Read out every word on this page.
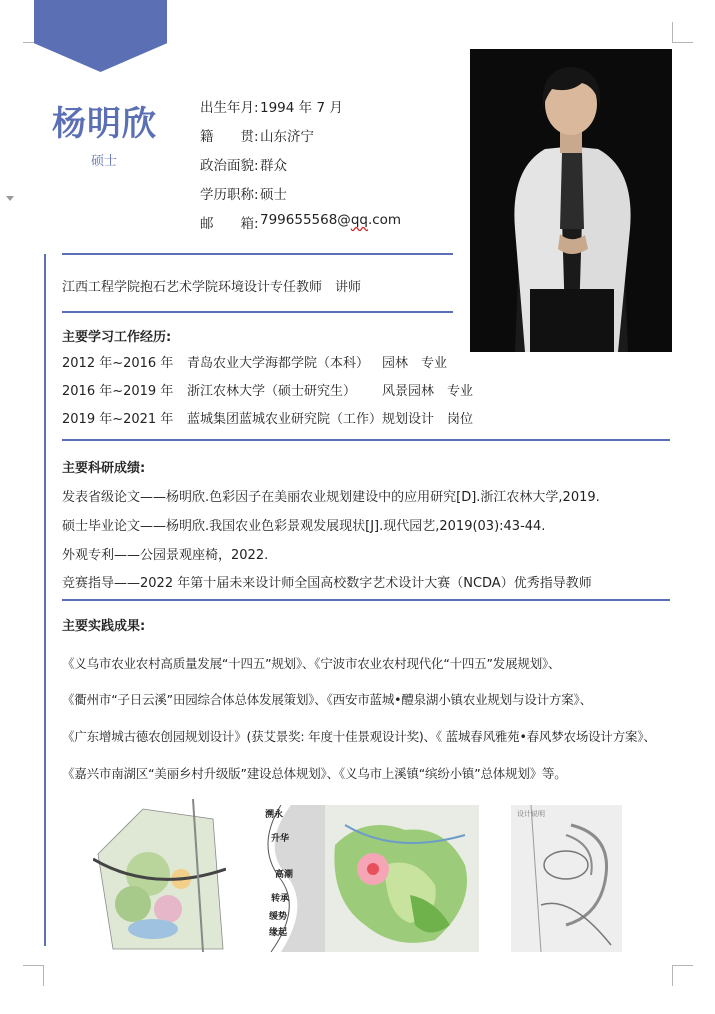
杨明欣
硕士
出生年月: 1994 年 7 月
籍　　贯: 山东济宁
政治面貌: 群众
学历职称: 硕士
邮　　箱: 799655568@qq.com
江西工程学院抱石艺术学院环境设计专任教师　讲师
主要学习工作经历:
2012 年~2016 年	青岛农业大学海都学院（本科） 园林　专业
2016 年~2019 年	浙江农林大学（硕士研究生）	风景园林　专业
2019 年~2021 年	蓝城集团蓝城农业研究院（工作） 规划设计　岗位
主要科研成绩:
发表省级论文——杨明欣.色彩因子在美丽农业规划建设中的应用研究[D].浙江农林大学,2019.
硕士毕业论文——杨明欣.我国农业色彩景观发展现状[J].现代园艺,2019(03):43-44.
外观专利——公园景观座椅，2022.
竞赛指导——2022 年第十届未来设计师全国高校数字艺术设计大赛（NCDA）优秀指导教师
主要实践成果:
《义乌市农业农村高质量发展“十四五”规划》、《宁波市农业农村现代化“十四五”发展规划》、
《衢州市“子日云溪”田园综合体总体发展策划》、《西安市蓝城•醴泉湖小镇农业规划与设计方案》、
《广东增城古德农创园规划设计》(获艾景奖: 年度十佳景观设计奖)、《 蓝城春风雅苑•春风梦农场设计方案》、
《嘉兴市南湖区“美丽乡村升级版”建设总体规划》、《义乌市上溪镇“缤纷小镇”总体规划》等。
溯永
升华
高潮
转承
缓势
缘起
设计说明
